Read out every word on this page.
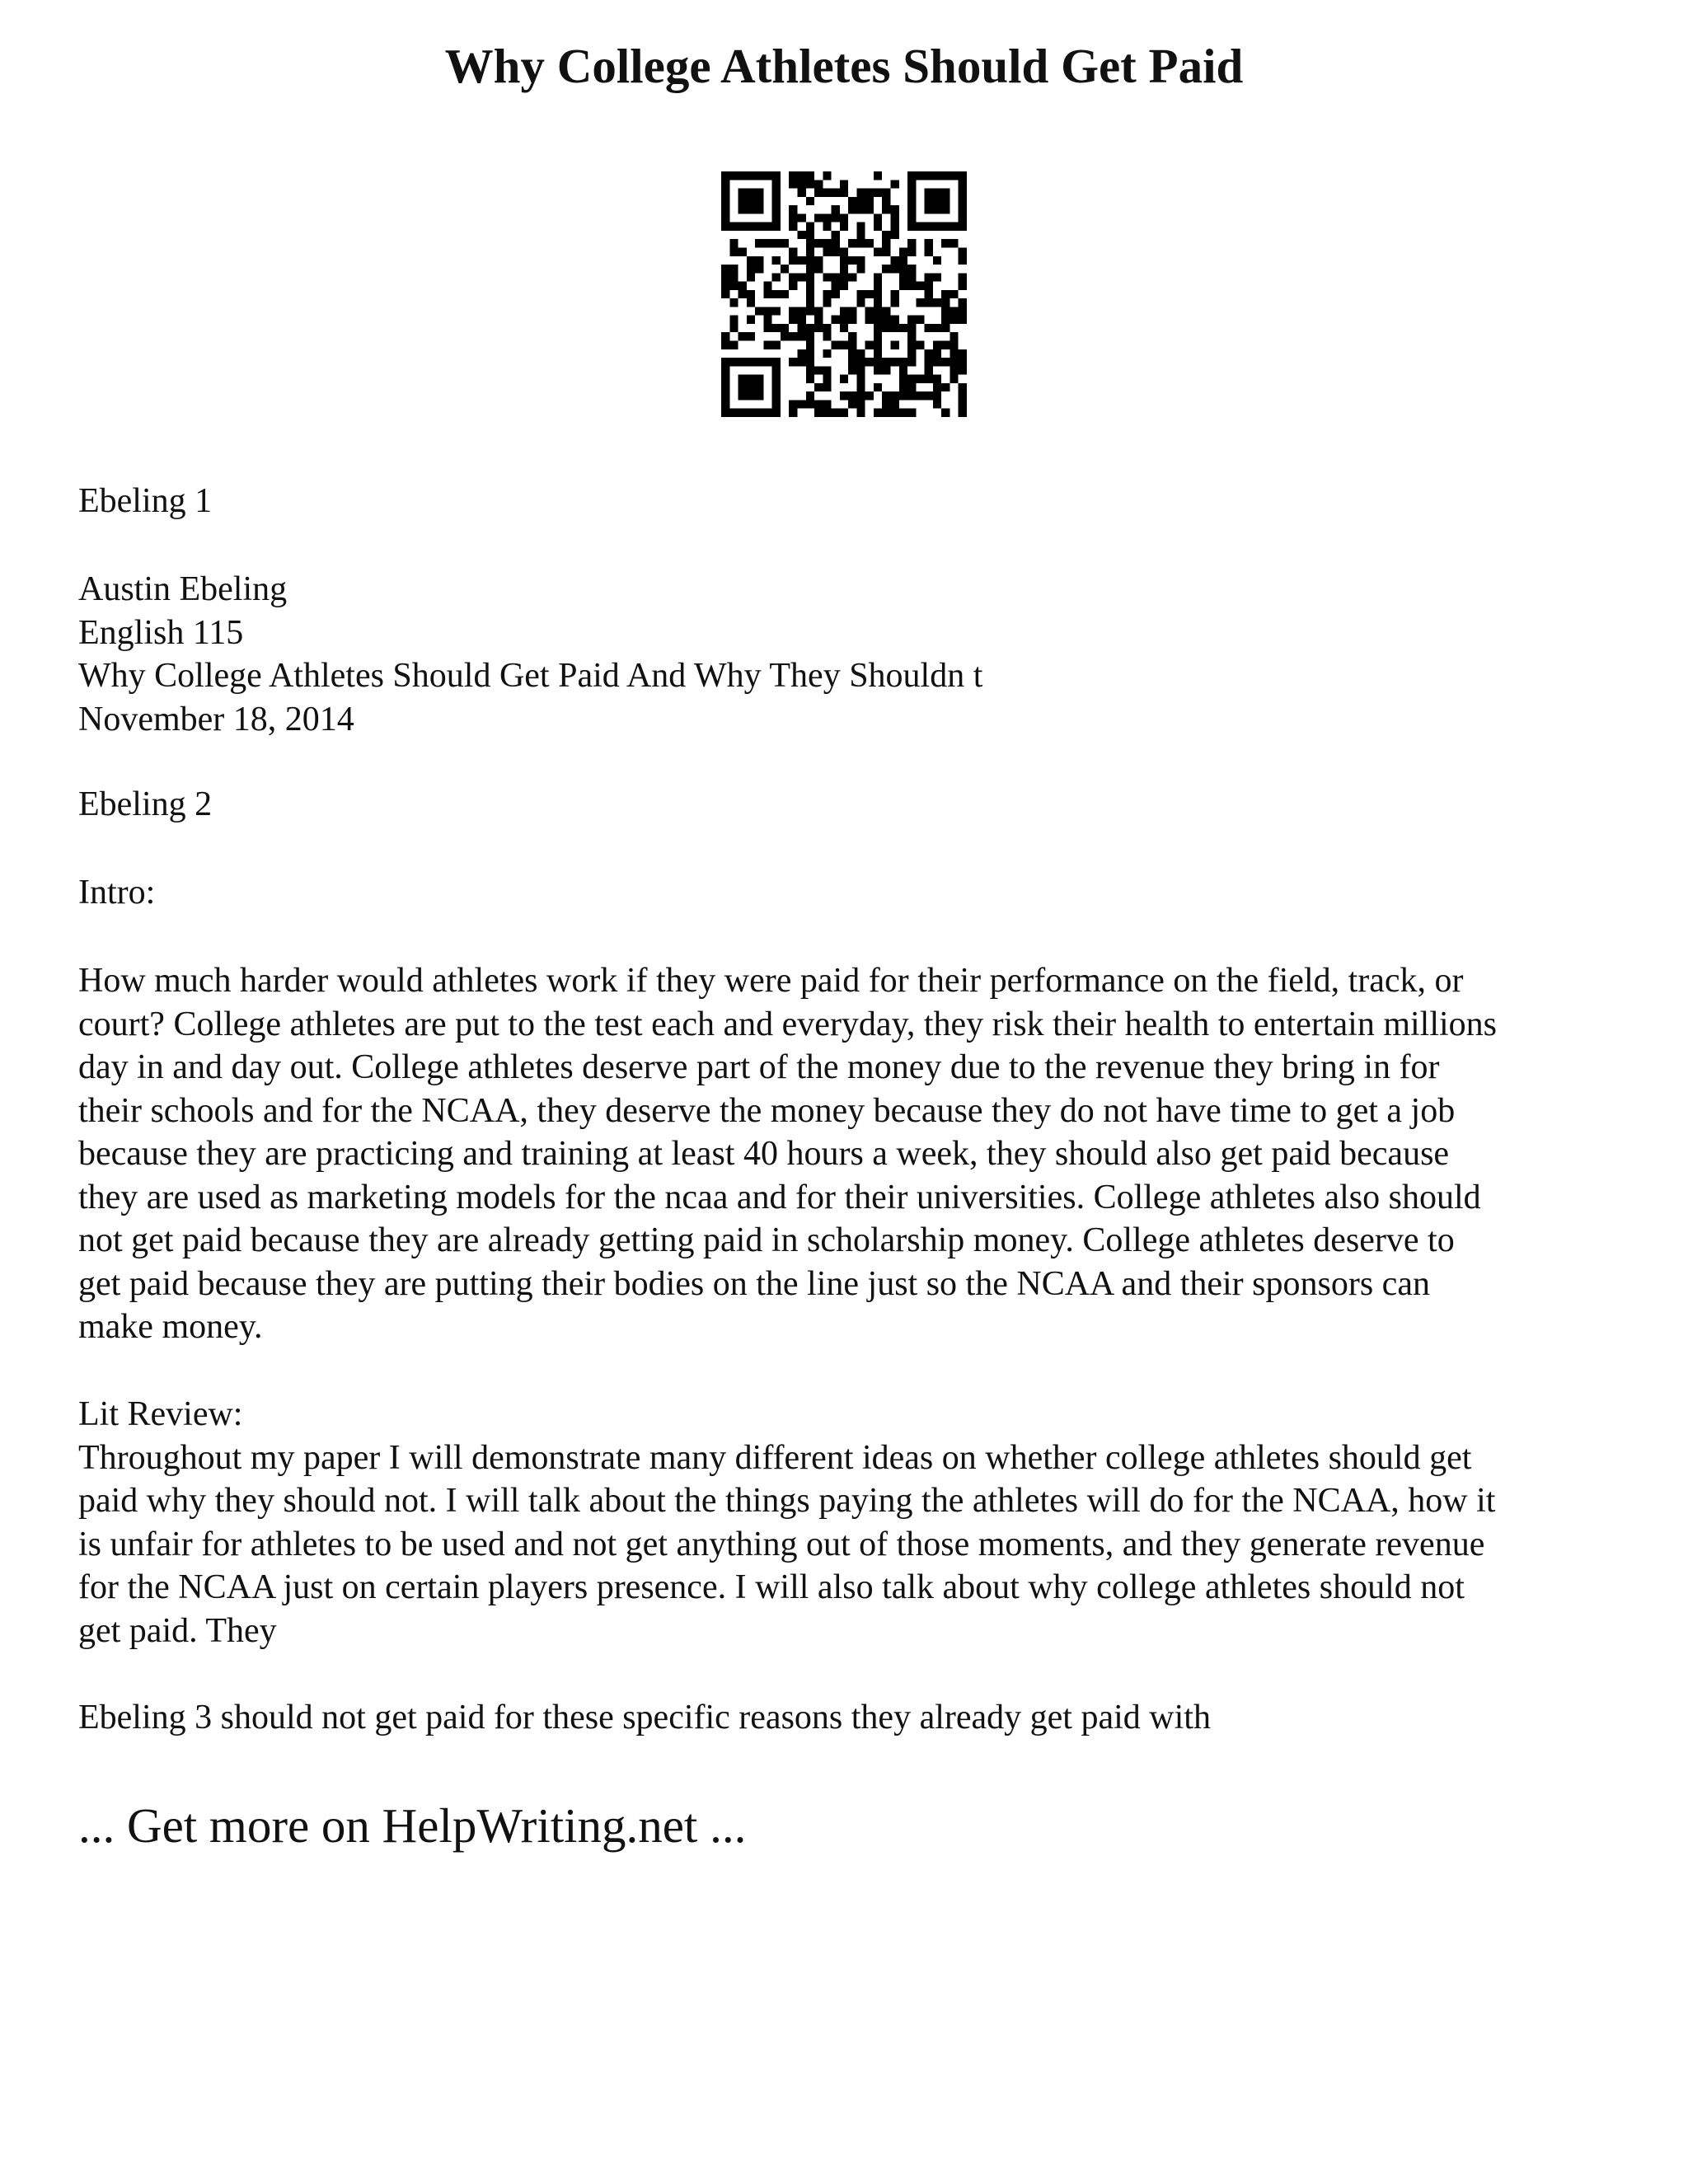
Why College Athletes Should Get Paid
Ebeling 1
Austin Ebeling
English 115
Why College Athletes Should Get Paid And Why They Shouldn t
November 18, 2014
Ebeling 2
Intro:
How much harder would athletes work if they were paid for their performance on the field, track, or
court? College athletes are put to the test each and everyday, they risk their health to entertain millions
day in and day out. College athletes deserve part of the money due to the revenue they bring in for
their schools and for the NCAA, they deserve the money because they do not have time to get a job
because they are practicing and training at least 40 hours a week, they should also get paid because
they are used as marketing models for the ncaa and for their universities. College athletes also should
not get paid because they are already getting paid in scholarship money. College athletes deserve to
get paid because they are putting their bodies on the line just so the NCAA and their sponsors can
make money.
Lit Review:
Throughout my paper I will demonstrate many different ideas on whether college athletes should get
paid why they should not. I will talk about the things paying the athletes will do for the NCAA, how it
is unfair for athletes to be used and not get anything out of those moments, and they generate revenue
for the NCAA just on certain players presence. I will also talk about why college athletes should not
get paid. They
Ebeling 3 should not get paid for these specific reasons they already get paid with
... Get more on HelpWriting.net ...
